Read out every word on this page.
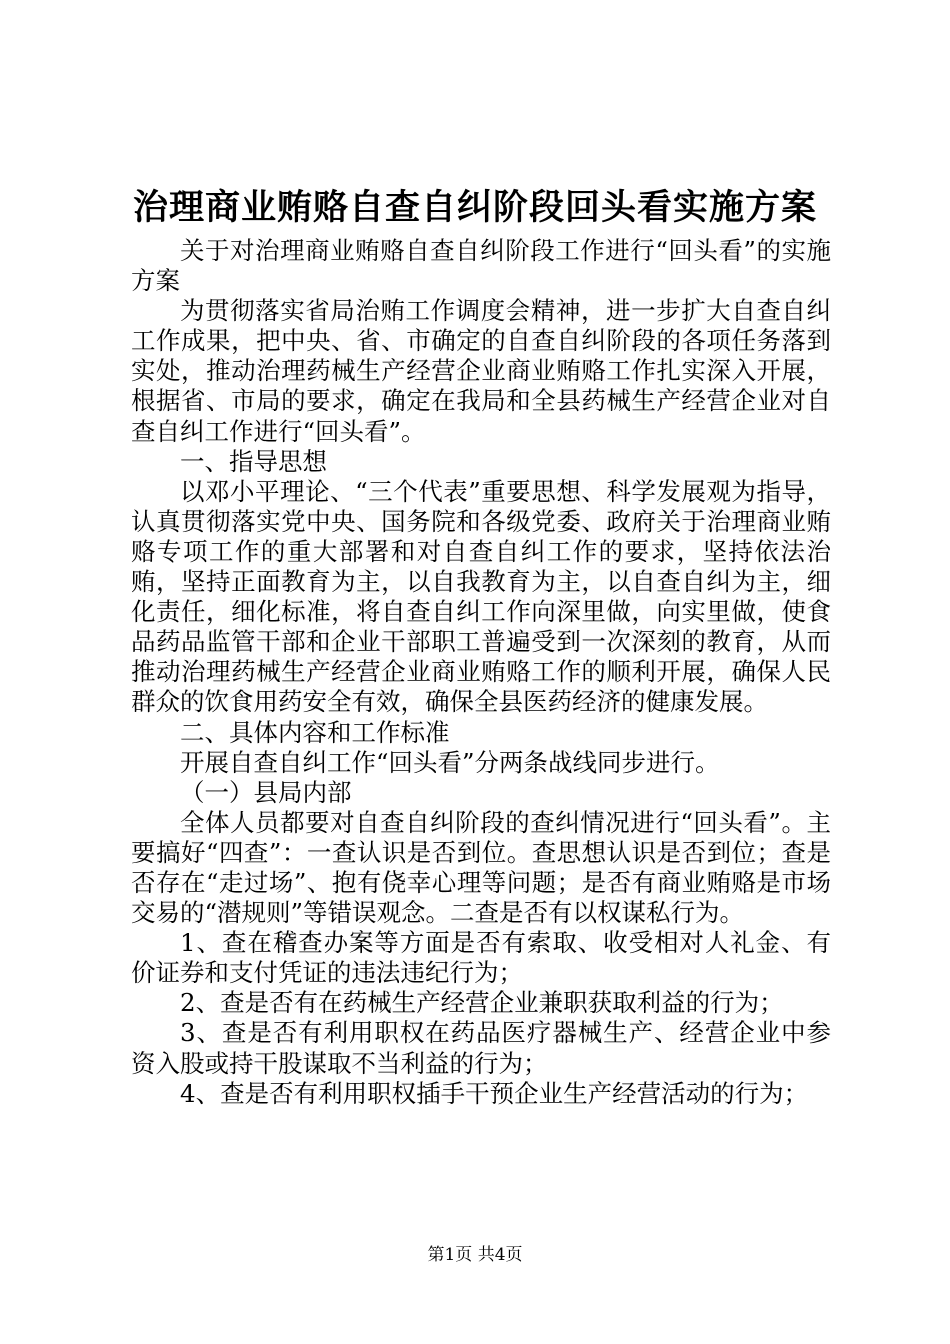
治理商业贿赂自查自纠阶段回头看实施方案

关于对治理商业贿赂自查自纠阶段工作进行“回头看”的实施方案

为贯彻落实省局治贿工作调度会精神，进一步扩大自查自纠工作成果，把中央、省、市确定的自查自纠阶段的各项任务落到实处，推动治理药械生产经营企业商业贿赂工作扎实深入开展，根据省、市局的要求，确定在我局和全县药械生产经营企业对自查自纠工作进行“回头看”。

一、指导思想

以邓小平理论、“三个代表”重要思想、科学发展观为指导，认真贯彻落实党中央、国务院和各级党委、政府关于治理商业贿赂专项工作的重大部署和对自查自纠工作的要求，坚持依法治贿，坚持正面教育为主，以自我教育为主，以自查自纠为主，细化责任，细化标准，将自查自纠工作向深里做，向实里做，使食品药品监管干部和企业干部职工普遍受到一次深刻的教育，从而推动治理药械生产经营企业商业贿赂工作的顺利开展，确保人民群众的饮食用药安全有效，确保全县医药经济的健康发展。

二、具体内容和工作标准

开展自查自纠工作“回头看”分两条战线同步进行。

（一）县局内部

全体人员都要对自查自纠阶段的查纠情况进行“回头看”。主要搞好“四查”：一查认识是否到位。查思想认识是否到位；查是否存在“走过场”、抱有侥幸心理等问题；是否有商业贿赂是市场交易的“潜规则”等错误观念。二查是否有以权谋私行为。

1、查在稽查办案等方面是否有索取、收受相对人礼金、有价证券和支付凭证的违法违纪行为；

2、查是否有在药械生产经营企业兼职获取利益的行为；

3、查是否有利用职权在药品医疗器械生产、经营企业中参资入股或持干股谋取不当利益的行为；

4、查是否有利用职权插手干预企业生产经营活动的行为；

第1页 共4页
